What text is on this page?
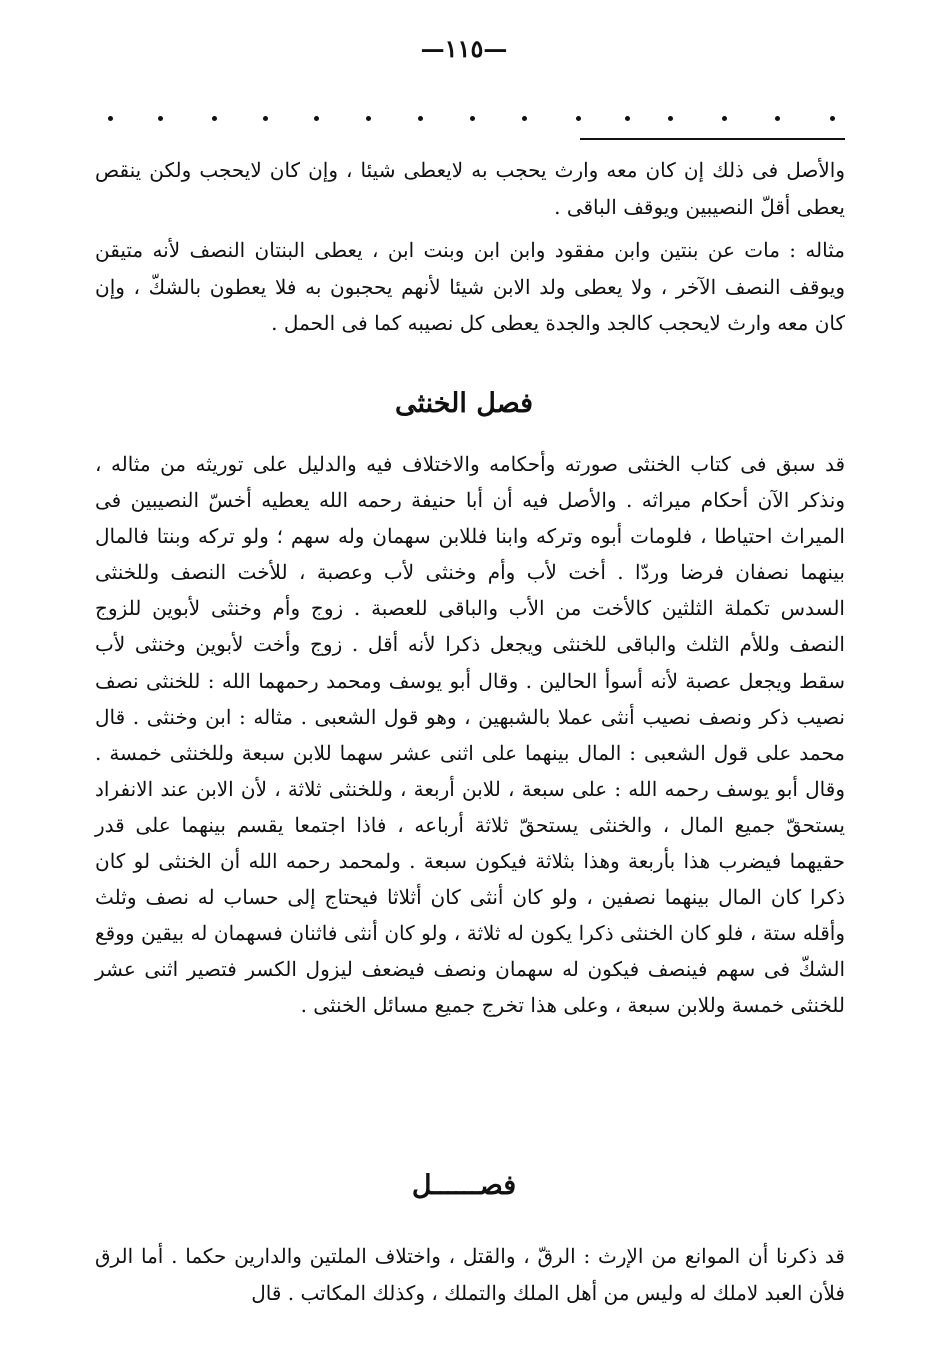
—١١٥—

والأصل فى ذلك إن كان معه وارث يحجب به لايعطى شيئا ، وإن كان لايحجب ولكن ينقص يعطى أقلّ النصيبين ويوقف الباقى .

مثاله : مات عن بنتين وابن مفقود وابن ابن وبنت ابن ، يعطى البنتان النصف لأنه متيقن ويوقف النصف الآخر ، ولا يعطى ولد الابن شيئا لأنهم يحجبون به فلا يعطون بالشكّ ، وإن كان معه وارث لايحجب كالجد والجدة يعطى كل نصيبه كما فى الحمل .

فصل الخنثى

قد سبق فى كتاب الخنثى صورته وأحكامه والاختلاف فيه والدليل على توريثه من مثاله ، ونذكر الآن أحكام ميراثه . والأصل فيه أن أبا حنيفة رحمه الله يعطيه أخسّ النصيبين فى الميراث احتياطا ، فلومات أبوه وتركه وابنا فللابن سهمان وله سهم ؛ ولو تركه وبنتا فالمال بينهما نصفان فرضا وردّا . أخت لأب وأم وخنثى لأب وعصبة ، للأخت النصف وللخنثى السدس تكملة الثلثين كالأخت من الأب والباقى للعصبة . زوج وأم وخنثى لأبوين للزوج النصف وللأم الثلث والباقى للخنثى ويجعل ذكرا لأنه أقل . زوج وأخت لأبوين وخنثى لأب سقط ويجعل عصبة لأنه أسوأ الحالين . وقال أبو يوسف ومحمد رحمهما الله : للخنثى نصف نصيب ذكر ونصف نصيب أنثى عملا بالشبهين ، وهو قول الشعبى . مثاله : ابن وخنثى . قال محمد على قول الشعبى : المال بينهما على اثنى عشر سهما للابن سبعة وللخنثى خمسة . وقال أبو يوسف رحمه الله : على سبعة ، للابن أربعة ، وللخنثى ثلاثة ، لأن الابن عند الانفراد يستحقّ جميع المال ، والخنثى يستحقّ ثلاثة أرباعه ، فاذا اجتمعا يقسم بينهما على قدر حقيهما فيضرب هذا بأربعة وهذا بثلاثة فيكون سبعة . ولمحمد رحمه الله أن الخنثى لو كان ذكرا كان المال بينهما نصفين ، ولو كان أنثى كان أثلاثا فيحتاج إلى حساب له نصف وثلث وأقله ستة ، فلو كان الخنثى ذكرا يكون له ثلاثة ، ولو كان أنثى فاثنان فسهمان له بيقين ووقع الشكّ فى سهم فينصف فيكون له سهمان ونصف فيضعف ليزول الكسر فتصير اثنى عشر للخنثى خمسة وللابن سبعة ، وعلى هذا تخرج جميع مسائل الخنثى .

فصــــــل

قد ذكرنا أن الموانع من الإرث : الرقّ ، والقتل ، واختلاف الملتين والدارين حكما . أما الرق فلأن العبد لاملك له وليس من أهل الملك والتملك ، وكذلك المكاتب . قال
